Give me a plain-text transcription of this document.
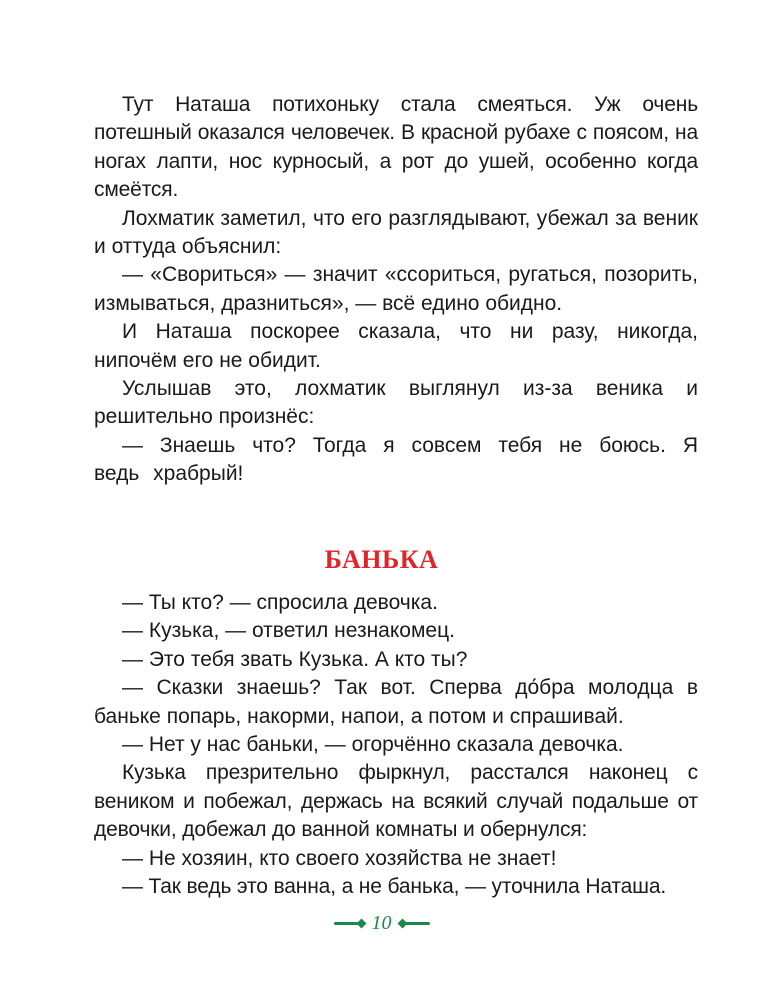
Тут Наташа потихоньку стала смеяться. Уж очень потешный оказался человечек. В красной рубахе с поясом, на ногах лапти, нос курносый, а рот до ушей, особенно когда смеётся.

Лохматик заметил, что его разглядывают, убежал за веник и оттуда объяснил:

— «Свориться» — значит «ссориться, ругаться, позорить, измываться, дразниться», — всё едино обидно.

И Наташа поскорее сказала, что ни разу, никогда, нипочём его не обидит.

Услышав это, лохматик выглянул из-за веника и решительно произнёс:

— Знаешь что? Тогда я совсем тебя не боюсь. Я ведь храбрый!

БАНЬКА

— Ты кто? — спросила девочка.

— Кузька, — ответил незнакомец.

— Это тебя звать Кузька. А кто ты?

— Сказки знаешь? Так вот. Сперва до́бра молодца в баньке попарь, накорми, напои, а потом и спрашивай.

— Нет у нас баньки, — огорчённо сказала девочка.

Кузька презрительно фыркнул, расстался наконец с веником и побежал, держась на всякий случай подальше от девочки, добежал до ванной комнаты и обернулся:

— Не хозяин, кто своего хозяйства не знает!

— Так ведь это ванна, а не банька, — уточнила Наташа.

10
